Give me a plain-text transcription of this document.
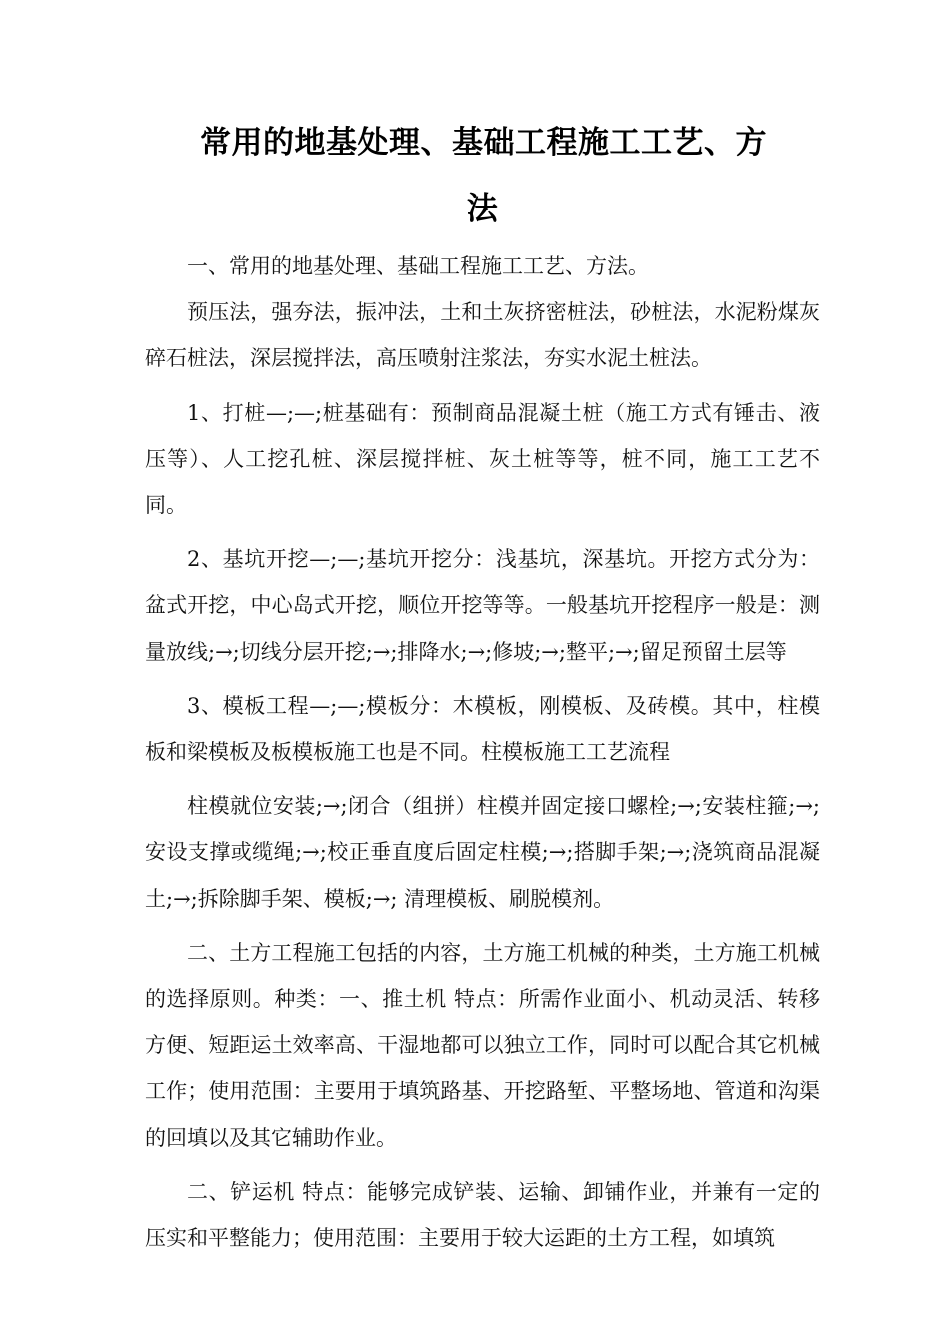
常用的地基处理、基础工程施工工艺、方
法

一、常用的地基处理、基础工程施工工艺、方法。

预压法，强夯法，振冲法，土和土灰挤密桩法，砂桩法，水泥粉煤灰碎石桩法，深层搅拌法，高压喷射注浆法，夯实水泥土桩法。

1、打桩—;—;桩基础有：预制商品混凝土桩（施工方式有锤击、液压等）、人工挖孔桩、深层搅拌桩、灰土桩等等，桩不同，施工工艺不同。

2、基坑开挖—;—;基坑开挖分：浅基坑，深基坑。开挖方式分为：盆式开挖，中心岛式开挖，顺位开挖等等。一般基坑开挖程序一般是：测量放线;→;切线分层开挖;→;排降水;→;修坡;→;整平;→;留足预留土层等

3、模板工程—;—;模板分：木模板，刚模板、及砖模。其中，柱模板和梁模板及板模板施工也是不同。柱模板施工工艺流程

柱模就位安装;→;闭合（组拼）柱模并固定接口螺栓;→;安装柱箍;→;安设支撑或缆绳;→;校正垂直度后固定柱模;→;搭脚手架;→;浇筑商品混凝土;→;拆除脚手架、模板;→; 清理模板、刷脱模剂。

二、土方工程施工包括的内容，土方施工机械的种类，土方施工机械的选择原则。种类：一、推土机 特点：所需作业面小、机动灵活、转移方便、短距运土效率高、干湿地都可以独立工作，同时可以配合其它机械工作；使用范围：主要用于填筑路基、开挖路堑、平整场地、管道和沟渠的回填以及其它辅助作业。

二、铲运机 特点：能够完成铲装、运输、卸铺作业，并兼有一定的压实和平整能力；使用范围：主要用于较大运距的土方工程，如填筑
